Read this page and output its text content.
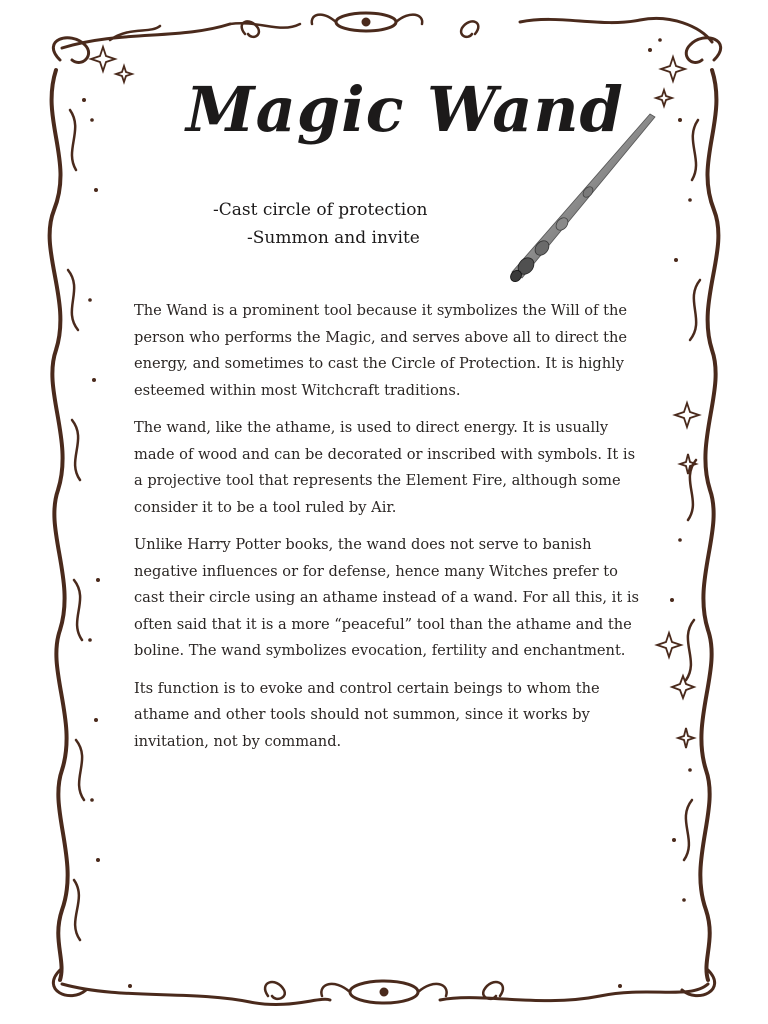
Magic Wand
-Cast circle of protection
-Summon and invite

The Wand is a prominent tool because it symbolizes the Will of the person who performs the Magic, and serves above all to direct the energy, and sometimes to cast the Circle of Protection. It is highly esteemed within most Witchcraft traditions.

The wand, like the athame, is used to direct energy. It is usually made of wood and can be decorated or inscribed with symbols. It is a projective tool that represents the Element Fire, although some consider it to be a tool ruled by Air.

Unlike Harry Potter books, the wand does not serve to banish negative influences or for defense, hence many Witches prefer to cast their circle using an athame instead of a wand. For all this, it is often said that it is a more “peaceful” tool than the athame and the boline. The wand symbolizes evocation, fertility and enchantment.

Its function is to evoke and control certain beings to whom the athame and other tools should not summon, since it works by invitation, not by command.
